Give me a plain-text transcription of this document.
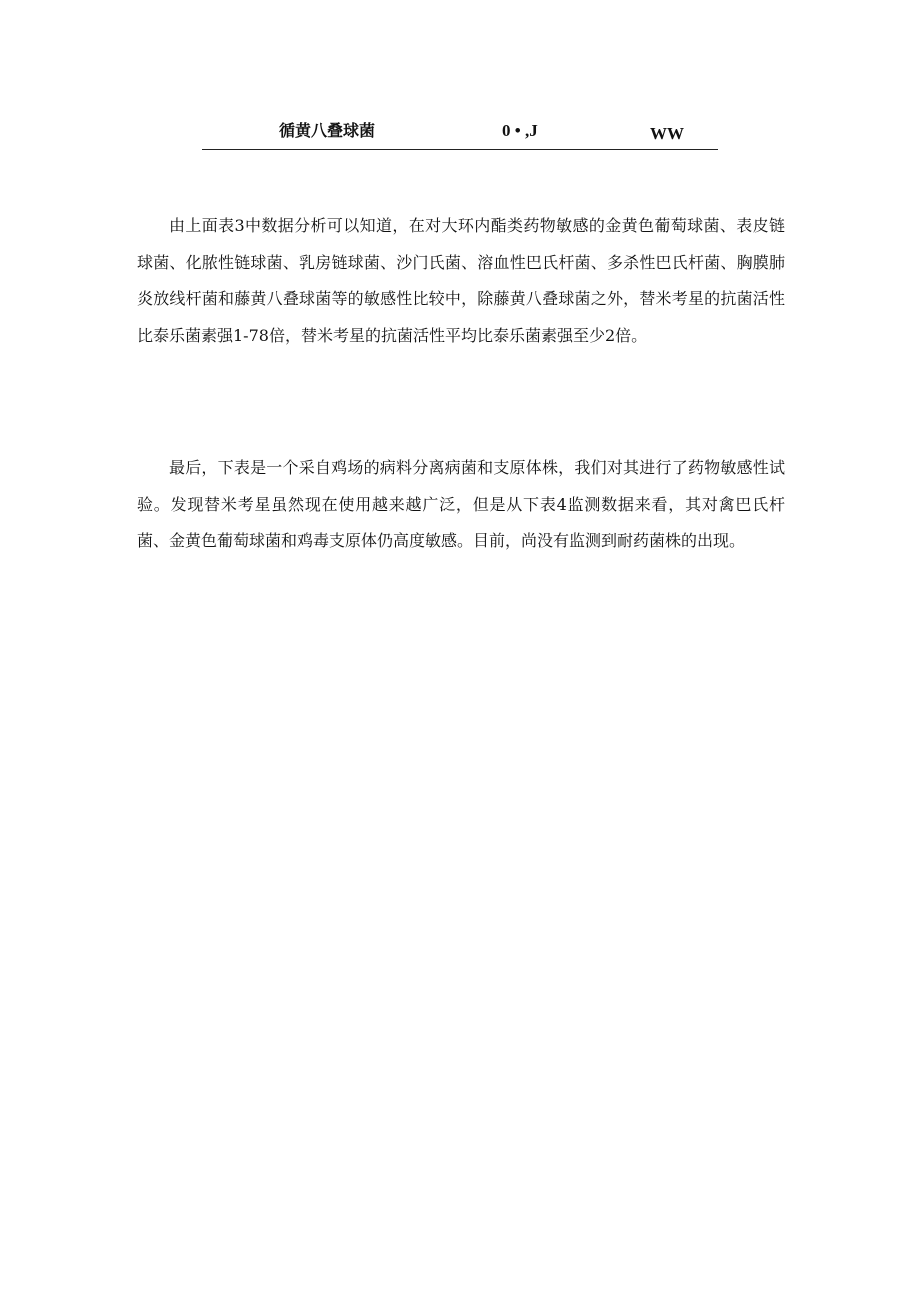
循黄八叠球菌	0 • ,J	WW

由上面表3中数据分析可以知道，在对大环内酯类药物敏感的金黄色葡萄球菌、表皮链球菌、化脓性链球菌、乳房链球菌、沙门氏菌、溶血性巴氏杆菌、多杀性巴氏杆菌、胸膜肺炎放线杆菌和藤黄八叠球菌等的敏感性比较中，除藤黄八叠球菌之外，替米考星的抗菌活性比泰乐菌素强1-78倍，替米考星的抗菌活性平均比泰乐菌素强至少2倍。

最后，下表是一个采自鸡场的病料分离病菌和支原体株，我们对其进行了药物敏感性试验。发现替米考星虽然现在使用越来越广泛，但是从下表4监测数据来看，其对禽巴氏杆菌、金黄色葡萄球菌和鸡毒支原体仍高度敏感。目前，尚没有监测到耐药菌株的出现。
